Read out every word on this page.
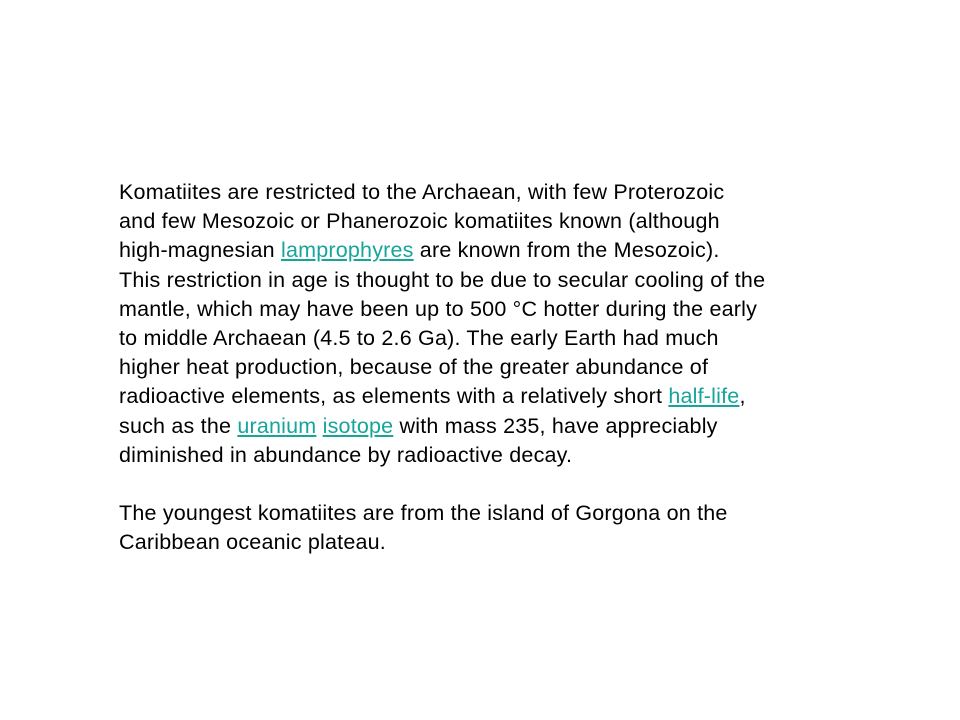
Komatiites are restricted to the Archaean, with few Proterozoic
and few Mesozoic or Phanerozoic komatiites known (although
high-magnesian lamprophyres are known from the Mesozoic).
This restriction in age is thought to be due to secular cooling of the
mantle, which may have been up to 500 °C hotter during the early
to middle Archaean (4.5 to 2.6 Ga). The early Earth had much
higher heat production, because of the greater abundance of
radioactive elements, as elements with a relatively short half-life,
such as the uranium isotope with mass 235, have appreciably
diminished in abundance by radioactive decay.
The youngest komatiites are from the island of Gorgona on the
Caribbean oceanic plateau.
